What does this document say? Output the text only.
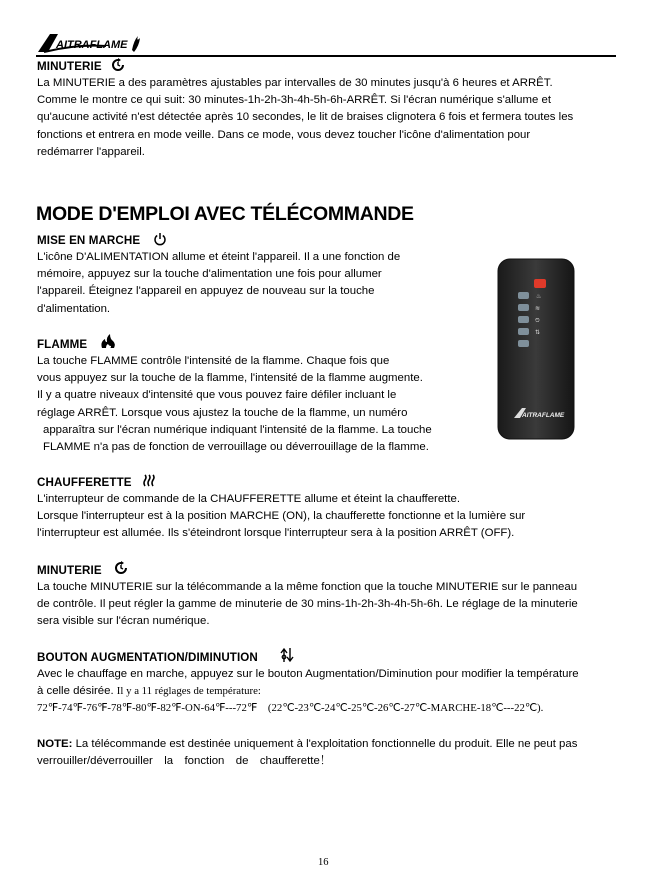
AITRAFLAME
MINUTERIE
La MINUTERIE a des paramètres ajustables par intervalles de 30 minutes jusqu'à 6 heures et ARRÊT.
Comme le montre ce qui suit: 30 minutes-1h-2h-3h-4h-5h-6h-ARRÊT. Si l'écran numérique s'allume et
qu'aucune activité n'est détectée après 10 secondes, le lit de braises clignotera 6 fois et fermera toutes les
fonctions et entrera en mode veille. Dans ce mode, vous devez toucher l'icône d'alimentation pour
redémarrer l'appareil.
MODE D'EMPLOI AVEC TÉLÉCOMMANDE
MISE EN MARCHE
L'icône D'ALIMENTATION allume et éteint l'appareil. Il a une fonction de
mémoire, appuyez sur la touche d'alimentation une fois pour allumer
l'appareil. Éteignez l'appareil en appuyez de nouveau sur la touche
d'alimentation.
FLAMME
La touche FLAMME contrôle l'intensité de la flamme. Chaque fois que
vous appuyez sur la touche de la flamme, l'intensité de la flamme augmente.
Il y a quatre niveaux d'intensité que vous pouvez faire défiler incluant le
réglage ARRÊT. Lorsque vous ajustez la touche de la flamme, un numéro
apparaîtra sur l'écran numérique indiquant l'intensité de la flamme. La touche
FLAMME n'a pas de fonction de verrouillage ou déverrouillage de la flamme.
♨
≋
⏲
⇅
AITRAFLAME
CHAUFFERETTE
L'interrupteur de commande de la CHAUFFERETTE allume et éteint la chaufferette.
Lorsque l'interrupteur est à la position MARCHE (ON), la chaufferette fonctionne et la lumière sur
l'interrupteur est allumée. Ils s'éteindront lorsque l'interrupteur sera à la position ARRÊT (OFF).
MINUTERIE
La touche MINUTERIE sur la télécommande a la même fonction que la touche MINUTERIE sur le panneau
de contrôle. Il peut régler la gamme de minuterie de 30 mins-1h-2h-3h-4h-5h-6h. Le réglage de la minuterie
sera visible sur l'écran numérique.
BOUTON AUGMENTATION/DIMINUTION
Avec le chauffage en marche, appuyez sur le bouton Augmentation/Diminution pour modifier la température
à celle désirée. Il y a 11 réglages de température:
72℉-74℉-76℉-78℉-80℉-82℉-ON-64℉---72℉　(22℃-23℃-24℃-25℃-26℃-27℃-MARCHE-18℃---22℃).
NOTE: La télécommande est destinée uniquement à l'exploitation fonctionnelle du produit. Elle ne peut pas
verrouiller/déverrouiller　la　fonction　de　chaufferette！
16
